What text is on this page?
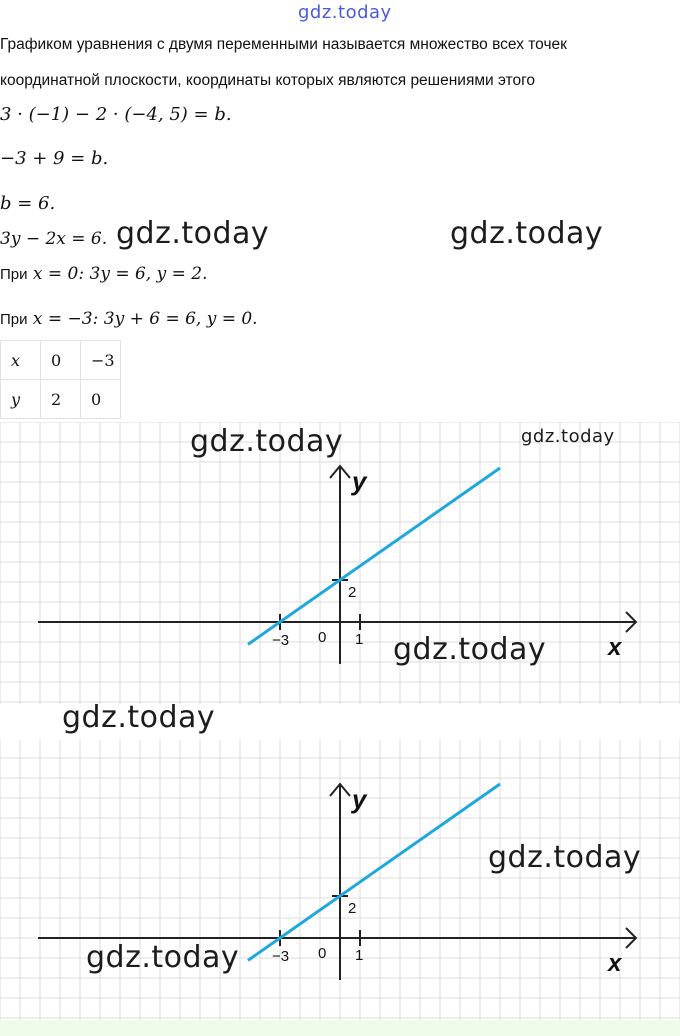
gdz.today
Графиком уравнения с двумя переменными называется множество всех точек
координатной плоскости, координаты которых являются решениями этого
3 · (−1) − 2 · (−4, 5) = b.
−3 + 9 = b.
b = 6.
3y − 2x = 6. gdz.today	gdz.today
При x = 0: 3y = 6, y = 2.
При x = −3: 3y + 6 = 6, y = 0.
x	0	−3
y	2	0
−3 0 1
2
x
y
gdz.today	gdz.today
gdz.today
gdz.today
−3 0 1
2
x
y
gdz.today
gdz.today
